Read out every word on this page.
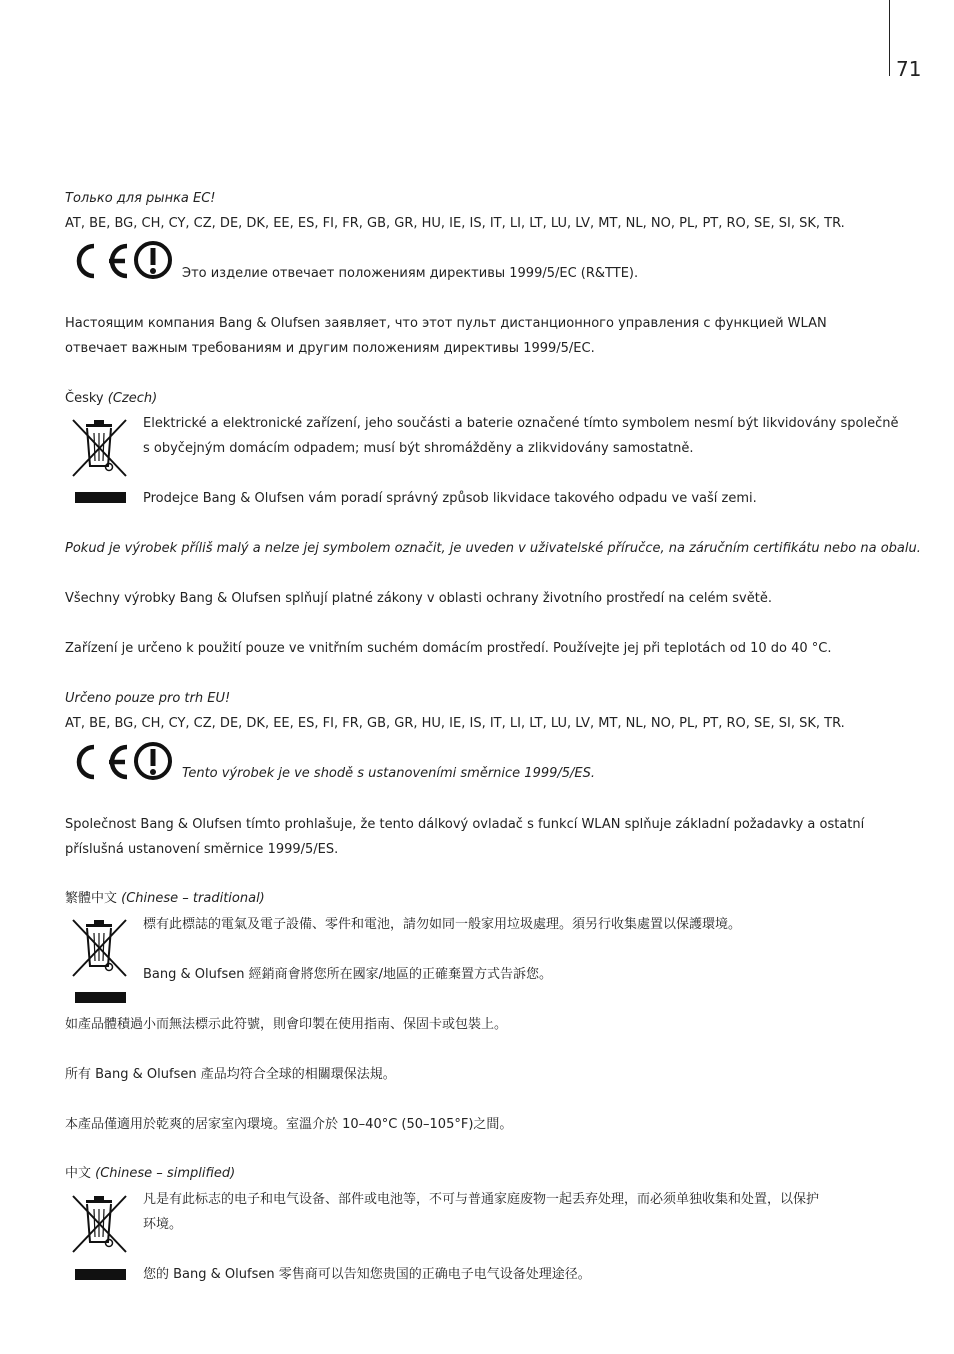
71
Только для рынка ЕС!
AT, BE, BG, CH, CY, CZ, DE, DK, EE, ES, FI, FR, GB, GR, HU, IE, IS, IT, LI, LT, LU, LV, MT, NL, NO, PL, PT, RO, SE, SI, SK, TR.
Это изделие отвечает положениям директивы 1999/5/EC (R&TTE).
Настоящим компания Bang & Olufsen заявляет, что этот пульт дистанционного управления с функцией WLAN
отвечает важным требованиям и другим положениям директивы 1999/5/EC.
Česky (Czech)
Elektrické a elektronické zařízení, jeho součásti a baterie označené tímto symbolem nesmí být likvidovány společně
s obyčejným domácím odpadem; musí být shromážděny a zlikvidovány samostatně.
Prodejce Bang & Olufsen vám poradí správný způsob likvidace takového odpadu ve vaší zemi.
Pokud je výrobek příliš malý a nelze jej symbolem označit, je uveden v uživatelské příručce, na záručním certifikátu nebo na obalu.
Všechny výrobky Bang & Olufsen splňují platné zákony v oblasti ochrany životního prostředí na celém světě.
Zařízení je určeno k použití pouze ve vnitřním suchém domácím prostředí. Používejte jej při teplotách od 10 do 40 °C.
Určeno pouze pro trh EU!
AT, BE, BG, CH, CY, CZ, DE, DK, EE, ES, FI, FR, GB, GR, HU, IE, IS, IT, LI, LT, LU, LV, MT, NL, NO, PL, PT, RO, SE, SI, SK, TR.
Tento výrobek je ve shodě s ustanoveními směrnice 1999/5/ES.
Společnost Bang & Olufsen tímto prohlašuje, že tento dálkový ovladač s funkcí WLAN splňuje základní požadavky a ostatní
příslušná ustanovení směrnice 1999/5/ES.
繁體中文 (Chinese – traditional)
標有此標誌的電氣及電子設備、零件和電池，請勿如同一般家用垃圾處理。須另行收集處置以保護環境。
Bang & Olufsen 經銷商會將您所在國家/地區的正確棄置方式告訴您。
如產品體積過小而無法標示此符號，則會印製在使用指南、保固卡或包裝上。
所有 Bang & Olufsen 產品均符合全球的相關環保法規。
本產品僅適用於乾爽的居家室內環境。室溫介於 10–40°C (50–105°F)之間。
中文 (Chinese – simplified)
凡是有此标志的电子和电气设备、部件或电池等，不可与普通家庭废物一起丢弃处理，而必须单独收集和处置，以保护
环境。
您的 Bang & Olufsen 零售商可以告知您贵国的正确电子电气设备处理途径。
